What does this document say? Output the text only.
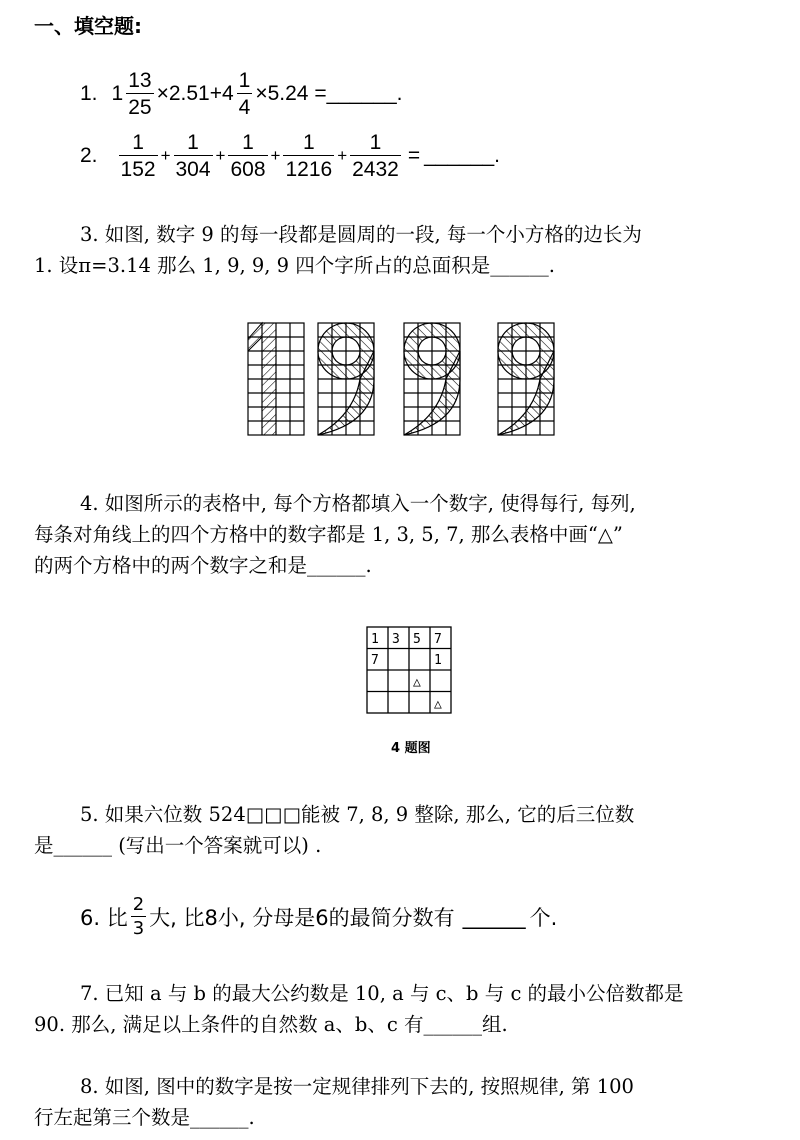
一、填空题:
1. $1 \frac{13}{25} \times 2.51+4 \frac{1}{4} \times 5.24$ = ______.
2. $\frac{1}{152} + \frac{1}{304} + \frac{1}{608} + \frac{1}{1216} + \frac{1}{2432}$ = ______.
3. 如图, 数字 9 的每一段都是圆周的一段, 每一个小方格的边长为
1. 设π=3.14 那么 1, 9, 9, 9 四个字所占的总面积是______.
4. 如图所示的表格中, 每个方格都填入一个数字, 使得每行, 每列,
每条对角线上的四个方格中的数字都是 1, 3, 5, 7, 那么表格中画“△”
的两个方格中的两个数字之和是______.
1 3 5 7
7	1
△
△
4 题图
5. 如果六位数 524□□□能被 7, 8, 9 整除, 那么, 它的后三位数
是______ (写出一个答案就可以) .
6. 比 $\frac{2}{3}$ 大, 比8小, 分母是6的最简分数有 ______ 个.
7. 已知 a 与 b 的最大公约数是 10, a 与 c、b 与 c 的最小公倍数都是
90. 那么, 满足以上条件的自然数 a、b、c 有______组.
8. 如图, 图中的数字是按一定规律排列下去的, 按照规律, 第 100
行左起第三个数是______.
